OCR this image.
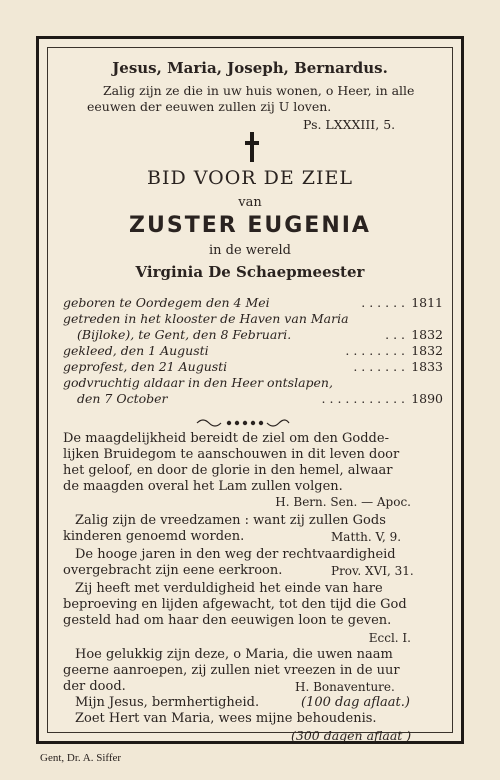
Jesus, Maria, Joseph, Bernardus.
Zalig zijn ze die in uw huis wonen, o Heer, in alle
eeuwen der eeuwen zullen zij U loven.
Ps. LXXXIII, 5.
BID VOOR DE ZIEL
van
ZUSTER EUGENIA
in de wereld
Virginia De Schaepmeester
geboren te Oordegem den 4 Mei	. . . . . . 1811
getreden in het klooster de Haven van Maria
(Bijloke), te Gent, den 8 Februari.	. . . 1832
gekleed, den 1 Augusti	. . . . . . . . 1832
geprofest, den 21 Augusti	. . . . . . . 1833
godvruchtig aldaar in den Heer ontslapen,
den 7 October	. . . . . . . . . . . 1890
De maagdelijkheid bereidt de ziel om den Godde-
lijken Bruidegom te aanschouwen in dit leven door
het geloof, en door de glorie in den hemel, alwaar
de maagden overal het Lam zullen volgen.
H. Bern. Sen. — Apoc.
Zalig zijn de vreedzamen : want zij zullen Gods
kinderen genoemd worden.	Matth. V, 9.
De hooge jaren in den weg der rechtvaardigheid
overgebracht zijn eene eerkroon.	Prov. XVI, 31.
Zij heeft met verduldigheid het einde van hare
beproeving en lijden afgewacht, tot den tijd die God
gesteld had om haar den eeuwigen loon te geven.
Eccl. I.
Hoe gelukkig zijn deze, o Maria, die uwen naam
geerne aanroepen, zij zullen niet vreezen in de uur
der dood.	H. Bonaventure.
Mijn Jesus, bermhertigheid.	(100 dag aflaat.)
Zoet Hert van Maria, wees mijne behoudenis.
(300 dagen aflaat )
Gent, Dr. A. Siffer
